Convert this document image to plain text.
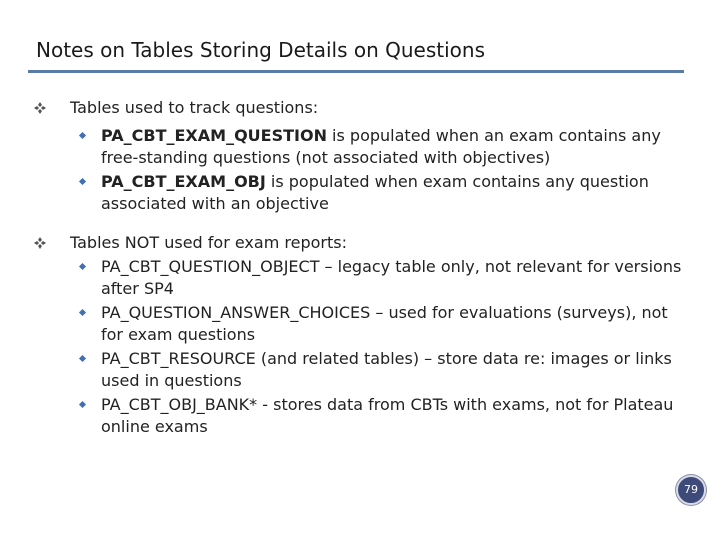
Notes on Tables Storing Details on Questions
Tables used to track questions:
PA_CBT_EXAM_QUESTION is populated when an exam contains any free-standing questions (not associated with objectives)
PA_CBT_EXAM_OBJ is populated when exam contains any question associated with an objective
Tables NOT used for exam reports:
PA_CBT_QUESTION_OBJECT – legacy table only, not relevant for versions after SP4
PA_QUESTION_ANSWER_CHOICES – used for evaluations (surveys), not for exam questions
PA_CBT_RESOURCE (and related tables) – store data re: images or links used in questions
PA_CBT_OBJ_BANK* - stores data from CBTs with exams, not for Plateau online exams
79
